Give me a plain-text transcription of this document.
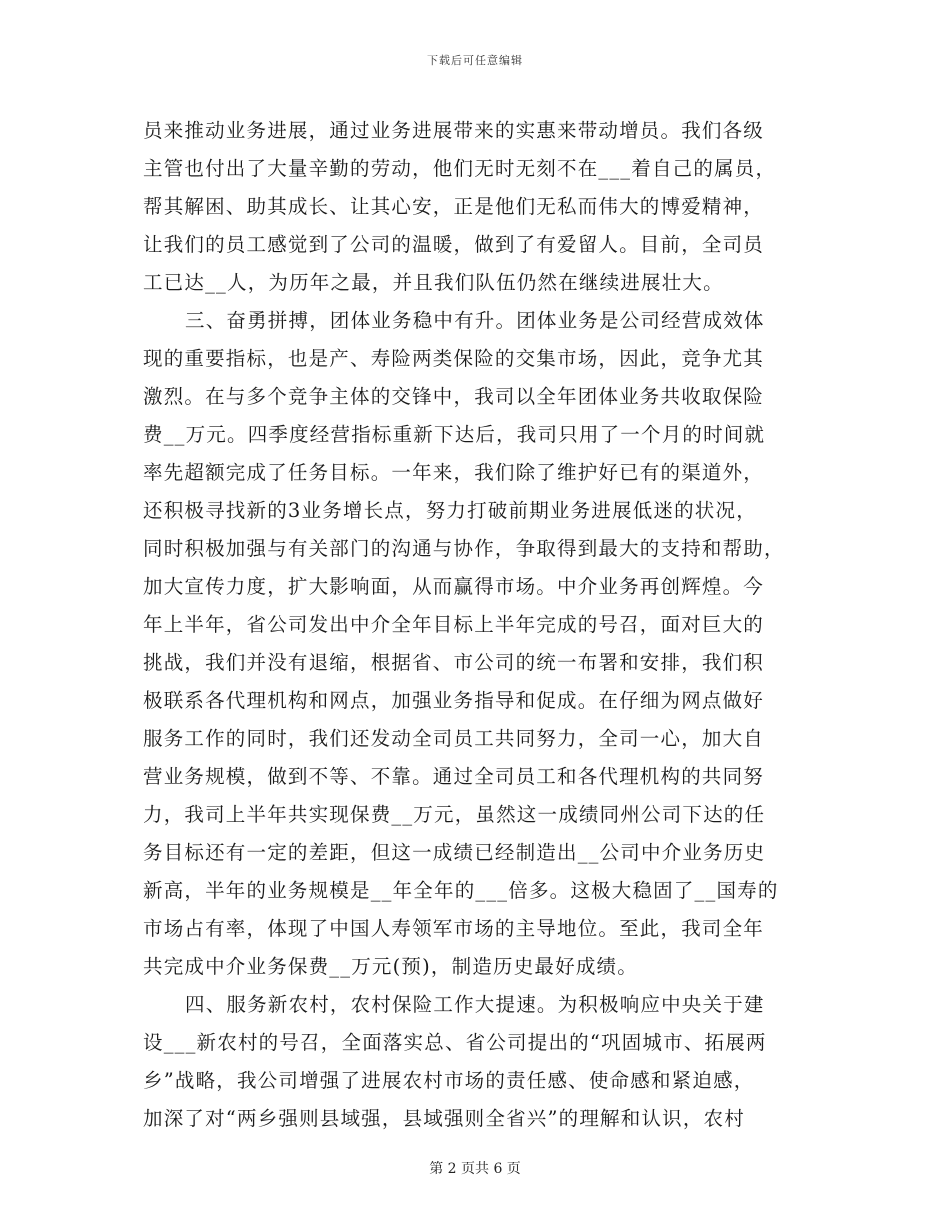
下载后可任意编辑
员来推动业务进展，通过业务进展带来的实惠来带动增员。我们各级
主管也付出了大量辛勤的劳动，他们无时无刻不在___着自己的属员，
帮其解困、助其成长、让其心安，正是他们无私而伟大的博爱精神，
让我们的员工感觉到了公司的温暖，做到了有爱留人。目前，全司员
工已达__人，为历年之最，并且我们队伍仍然在继续进展壮大。
三、奋勇拼搏，团体业务稳中有升。团体业务是公司经营成效体
现的重要指标，也是产、寿险两类保险的交集市场，因此，竞争尤其
激烈。在与多个竞争主体的交锋中，我司以全年团体业务共收取保险
费__万元。四季度经营指标重新下达后，我司只用了一个月的时间就
率先超额完成了任务目标。一年来，我们除了维护好已有的渠道外，
还积极寻找新的3业务增长点，努力打破前期业务进展低迷的状况，
同时积极加强与有关部门的沟通与协作，争取得到最大的支持和帮助，
加大宣传力度，扩大影响面，从而赢得市场。中介业务再创辉煌。今
年上半年，省公司发出中介全年目标上半年完成的号召，面对巨大的
挑战，我们并没有退缩，根据省、市公司的统一布署和安排，我们积
极联系各代理机构和网点，加强业务指导和促成。在仔细为网点做好
服务工作的同时，我们还发动全司员工共同努力，全司一心，加大自
营业务规模，做到不等、不靠。通过全司员工和各代理机构的共同努
力，我司上半年共实现保费__万元，虽然这一成绩同州公司下达的任
务目标还有一定的差距，但这一成绩已经制造出__公司中介业务历史
新高，半年的业务规模是__年全年的___倍多。这极大稳固了__国寿的
市场占有率，体现了中国人寿领军市场的主导地位。至此，我司全年
共完成中介业务保费__万元(预)，制造历史最好成绩。
四、服务新农村，农村保险工作大提速。为积极响应中央关于建
设___新农村的号召，全面落实总、省公司提出的“巩固城市、拓展两
乡”战略，我公司增强了进展农村市场的责任感、使命感和紧迫感，
加深了对“两乡强则县域强，县域强则全省兴”的理解和认识，农村
第 2 页共 6 页
